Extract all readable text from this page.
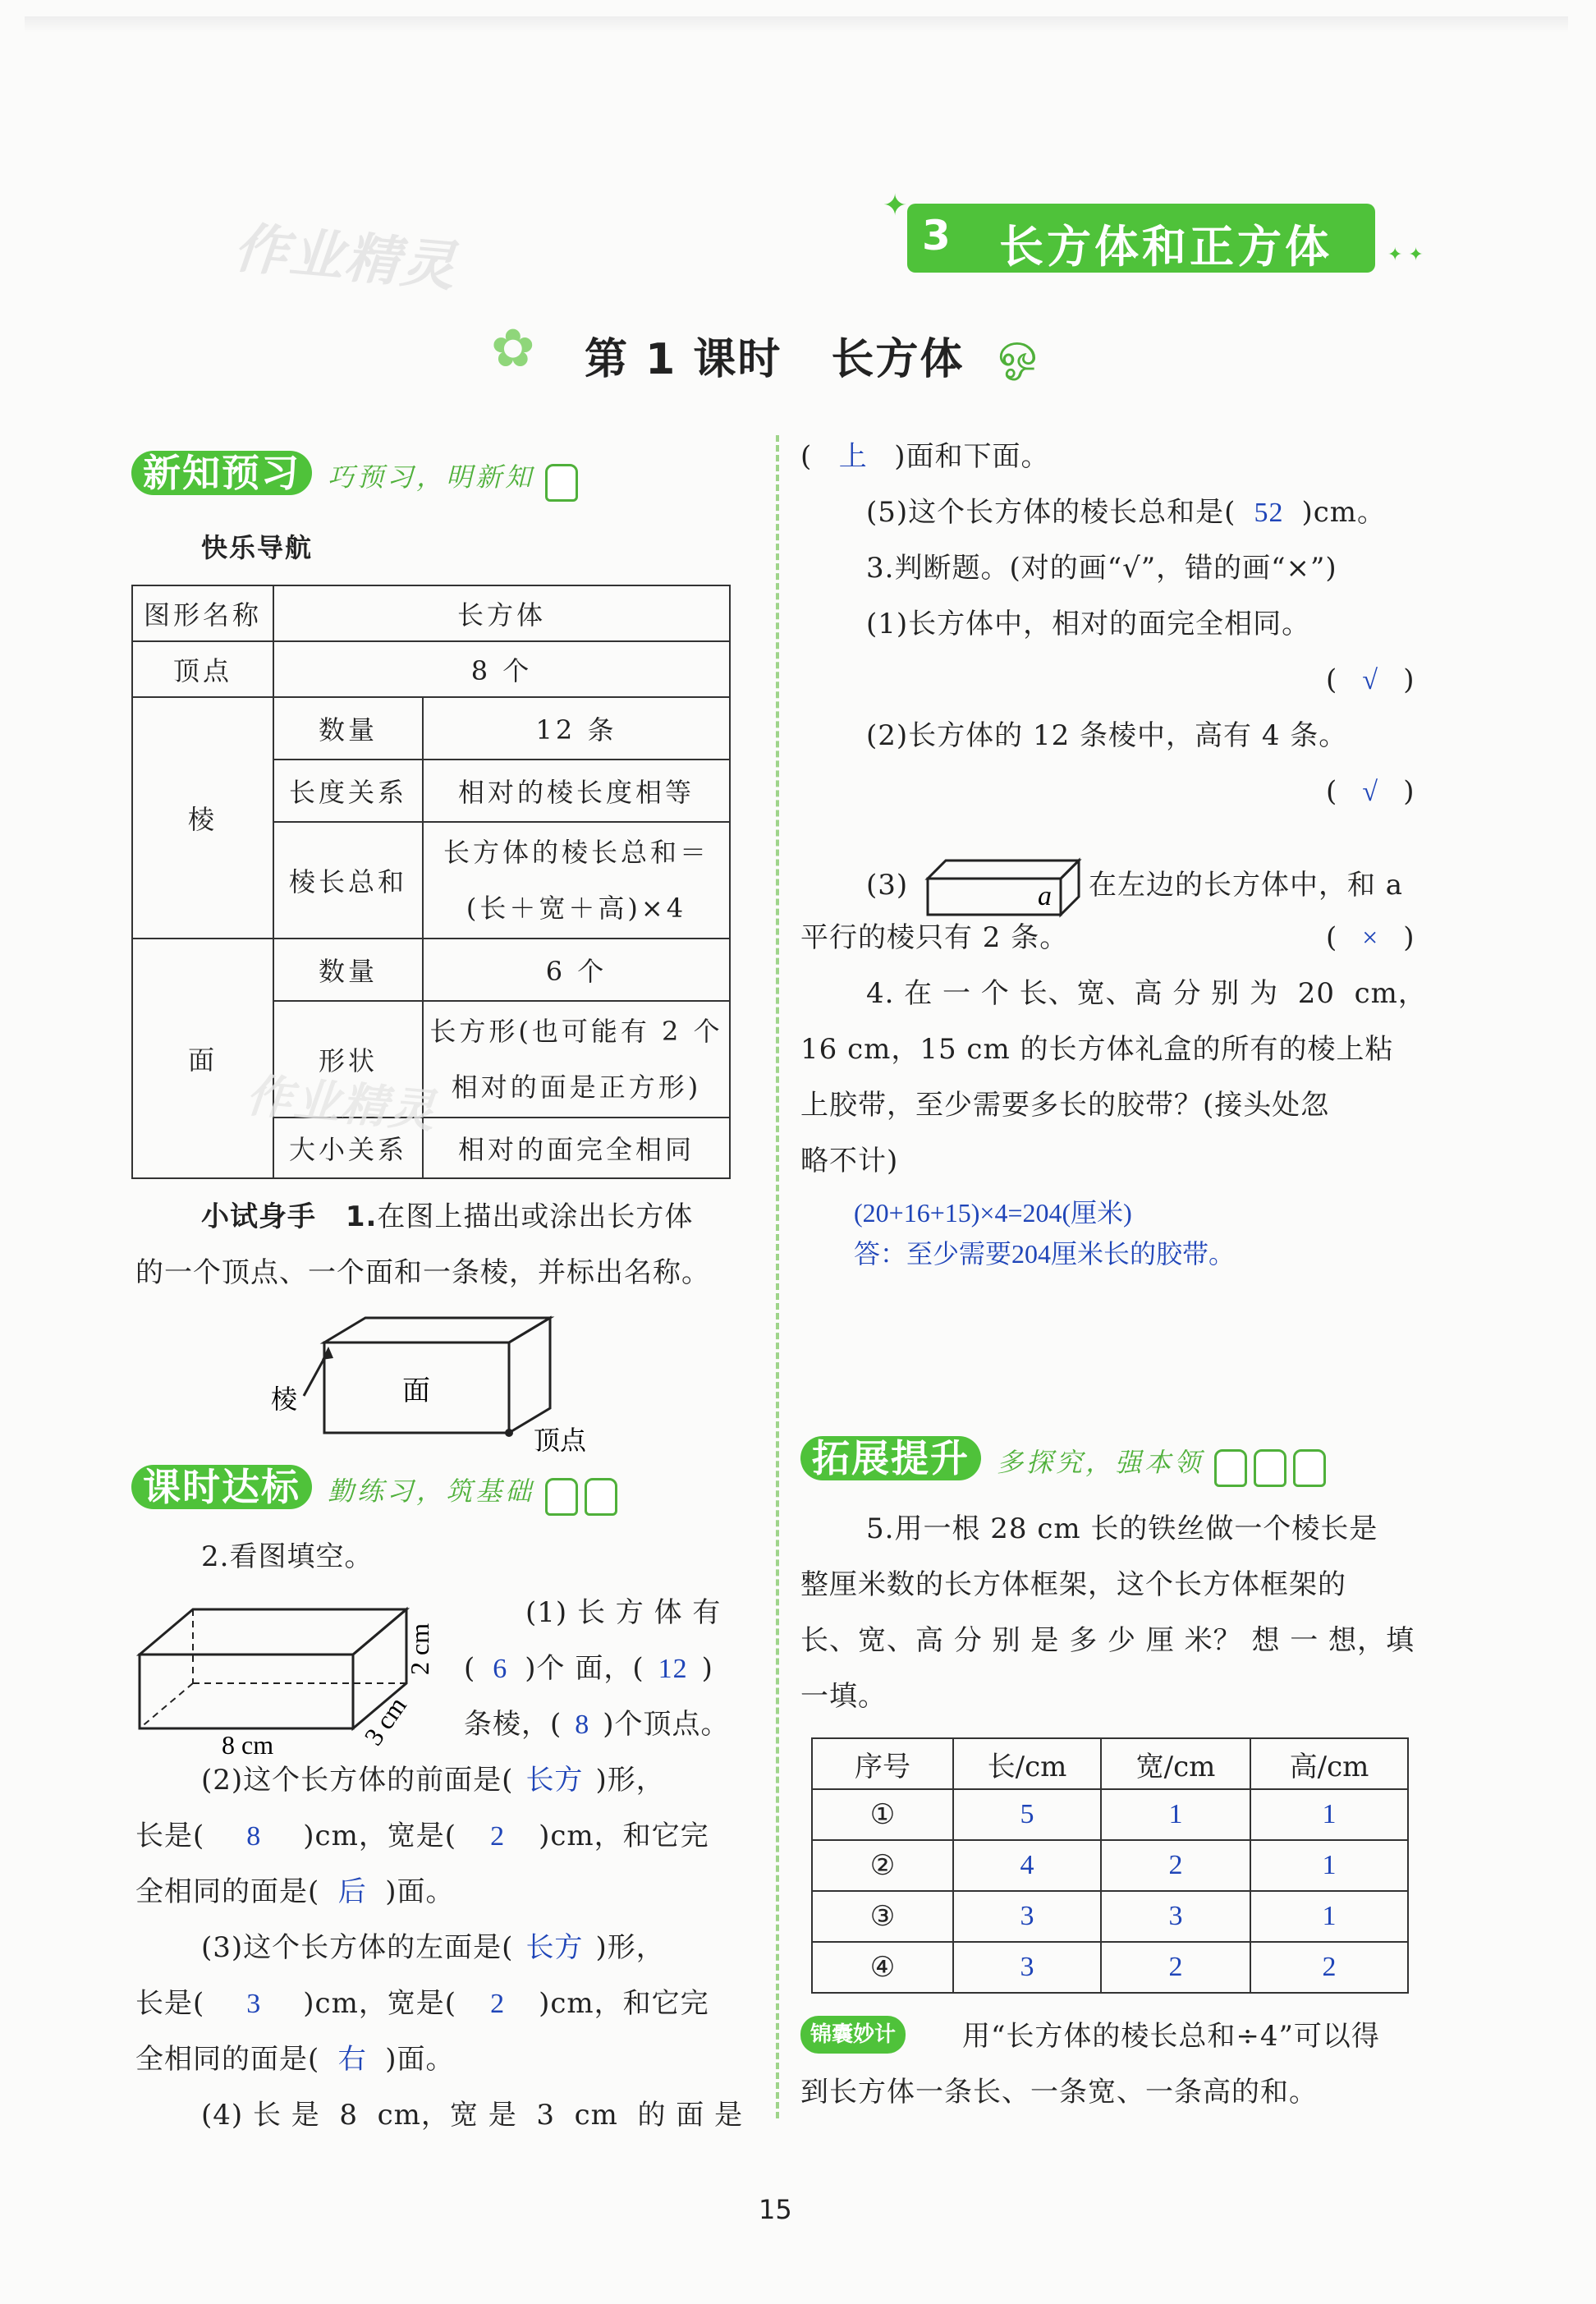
作业精灵
✦
3 长方体和正方体	✦ ✦
✿ 第 1 课时 长方体 ஓ
新知预习 巧预习，明新知
快乐导航
图形名称	长方体	
顶点	8 个	
棱	数量	12 条
	长度关系	相对的棱长度相等
	棱长总和	长方体的棱长总和＝
(长＋宽＋高)×4

面	数量	6 个
	形状	长方形(也可能有 2 个
相对的面是正方形)

	大小关系	相对的面完全相同
作业精灵
小试身手 1.在图上描出或涂出长方体
的一个顶点、一个面和一条棱，并标出名称。
棱	面
顶点
课时达标 勤练习，筑基础
2.看图填空。
8 cm	3 cm
2 cm
(1) 长 方 体 有
( 6 )个 面，( 12 )
条棱，( 8 )个顶点。
(2)这个长方体的前面是( 长方 )形，
长是( 8 )cm，宽是( 2 )cm，和它完
全相同的面是( 后 )面。
(3)这个长方体的左面是( 长方 )形，
长是( 3 )cm，宽是( 2 )cm，和它完
全相同的面是( 右 )面。
(4) 长 是  8  cm，宽 是  3  cm  的 面 是
( 上 )面和下面。
(5)这个长方体的棱长总和是( 52 )cm。
3.判断题。(对的画“√”，错的画“×”)
(1)长方体中，相对的面完全相同。
( √ )
(2)长方体的 12 条棱中，高有 4 条。
( √ )
(3)	a 在左边的长方体中，和 a
平行的棱只有 2 条。	( × )
4. 在 一 个 长、宽、高 分 别 为  20  cm，
16 cm，15 cm 的长方体礼盒的所有的棱上粘
上胶带，至少需要多长的胶带？(接头处忽
略不计)
(20+16+15)×4=204(厘米)
答：至少需要204厘米长的胶带。
拓展提升 多探究，强本领
5.用一根 28 cm 长的铁丝做一个棱长是
整厘米数的长方体框架，这个长方体框架的
长、宽、高 分 别 是 多 少 厘 米？ 想 一 想，填
一填。
序号	长/cm	宽/cm	高/cm
①	5	1	1
②	4	2	1
③	3	3	1
④	3	2	2
锦囊妙计	用“长方体的棱长总和÷4”可以得
到长方体一条长、一条宽、一条高的和。
15
